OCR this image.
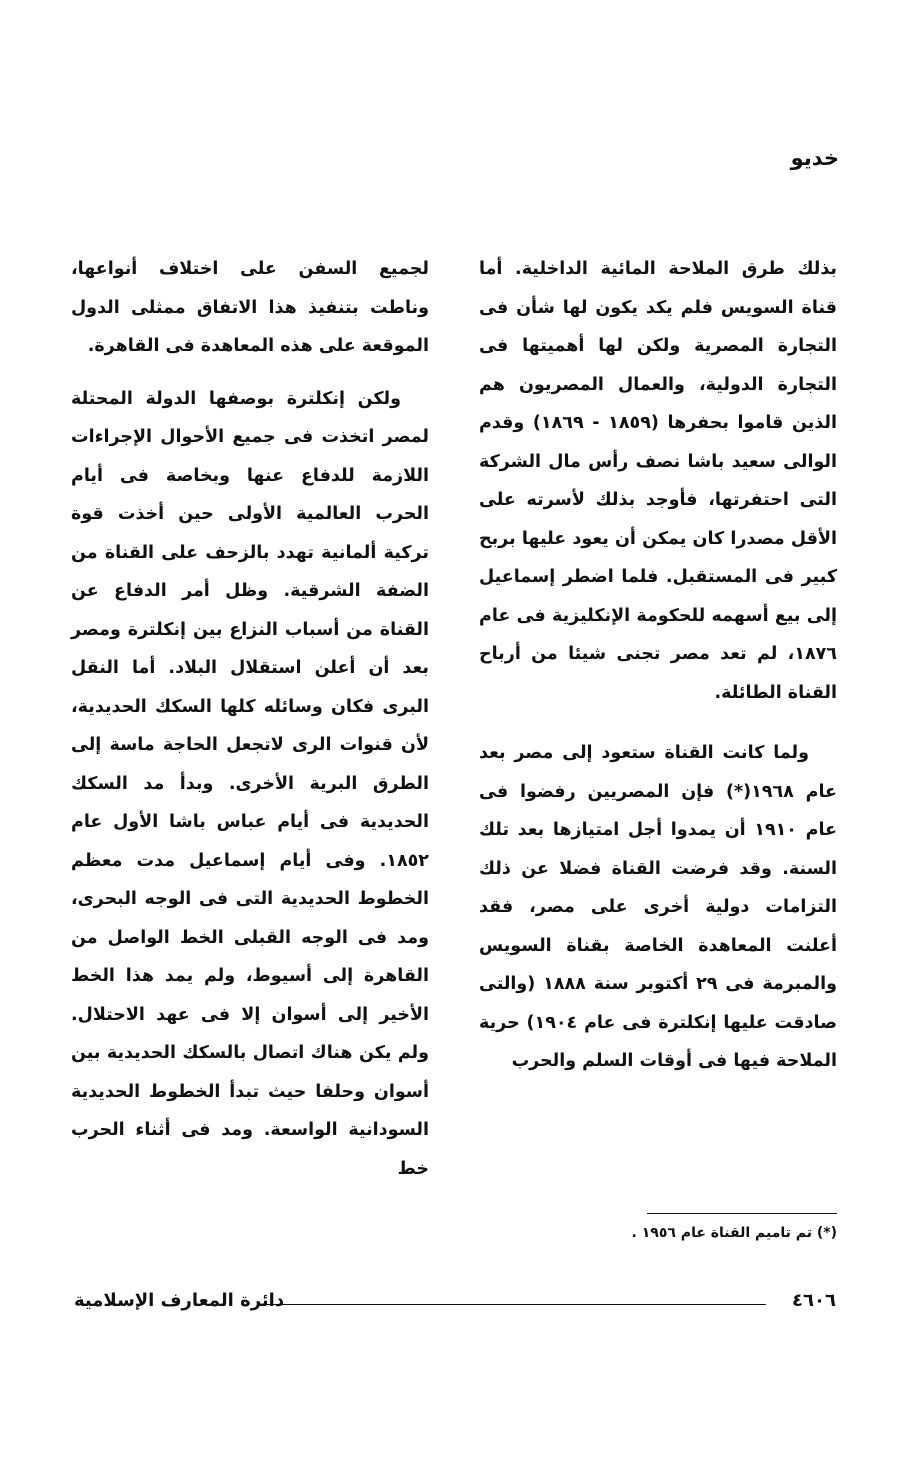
خديو

بذلك طرق الملاحة المائية الداخلية. أما قناة السويس فلم يكد يكون لها شأن فى التجارة المصرية ولكن لها أهميتها فى التجارة الدولية، والعمال المصريون هم الذين قاموا بحفرها (١٨٥٩ - ١٨٦٩) وقدم الوالى سعيد باشا نصف رأس مال الشركة التى احتفرتها، فأوجد بذلك لأسرته على الأقل مصدرا كان يمكن أن يعود عليها بربح كبير فى المستقبل. فلما اضطر إسماعيل إلى بيع أسهمه للحكومة الإنكليزية فى عام ١٨٧٦، لم تعد مصر تجنى شيئا من أرباح القناة الطائلة.

ولما كانت القناة ستعود إلى مصر بعد عام ١٩٦٨(*) فإن المصريين رفضوا فى عام ١٩١٠ أن يمدوا أجل امتيازها بعد تلك السنة. وقد فرضت القناة فضلا عن ذلك التزامات دولية أخرى على مصر، فقد أعلنت المعاهدة الخاصة بقناة السويس والمبرمة فى ٢٩ أكتوبر سنة ١٨٨٨ (والتى صادقت عليها إنكلترة فى عام ١٩٠٤) حرية الملاحة فيها فى أوقات السلم والحرب

لجميع السفن على اختلاف أنواعها، وناطت بتنفيذ هذا الاتفاق ممثلى الدول الموقعة على هذه المعاهدة فى القاهرة.

ولكن إنكلترة بوصفها الدولة المحتلة لمصر اتخذت فى جميع الأحوال الإجراءات اللازمة للدفاع عنها وبخاصة فى أيام الحرب العالمية الأولى حين أخذت قوة تركية ألمانية تهدد بالزحف على القناة من الضفة الشرقية. وظل أمر الدفاع عن القناة من أسباب النزاع بين إنكلترة ومصر بعد أن أعلن استقلال البلاد. أما النقل البرى فكان وسائله كلها السكك الحديدية، لأن قنوات الرى لاتجعل الحاجة ماسة إلى الطرق البرية الأخرى. وبدأ مد السكك الحديدية فى أيام عباس باشا الأول عام ١٨٥٢. وفى أيام إسماعيل مدت معظم الخطوط الحديدية التى فى الوجه البحرى، ومد فى الوجه القبلى الخط الواصل من القاهرة إلى أسيوط، ولم يمد هذا الخط الأخير إلى أسوان إلا فى عهد الاحتلال. ولم يكن هناك اتصال بالسكك الحديدية بين أسوان وحلفا حيث تبدأ الخطوط الحديدية السودانية الواسعة. ومد فى أثناء الحرب خط

(*) تم تاميم القناة عام ١٩٥٦ .
٤٦٠٦
دائرة المعارف الإسلامية
